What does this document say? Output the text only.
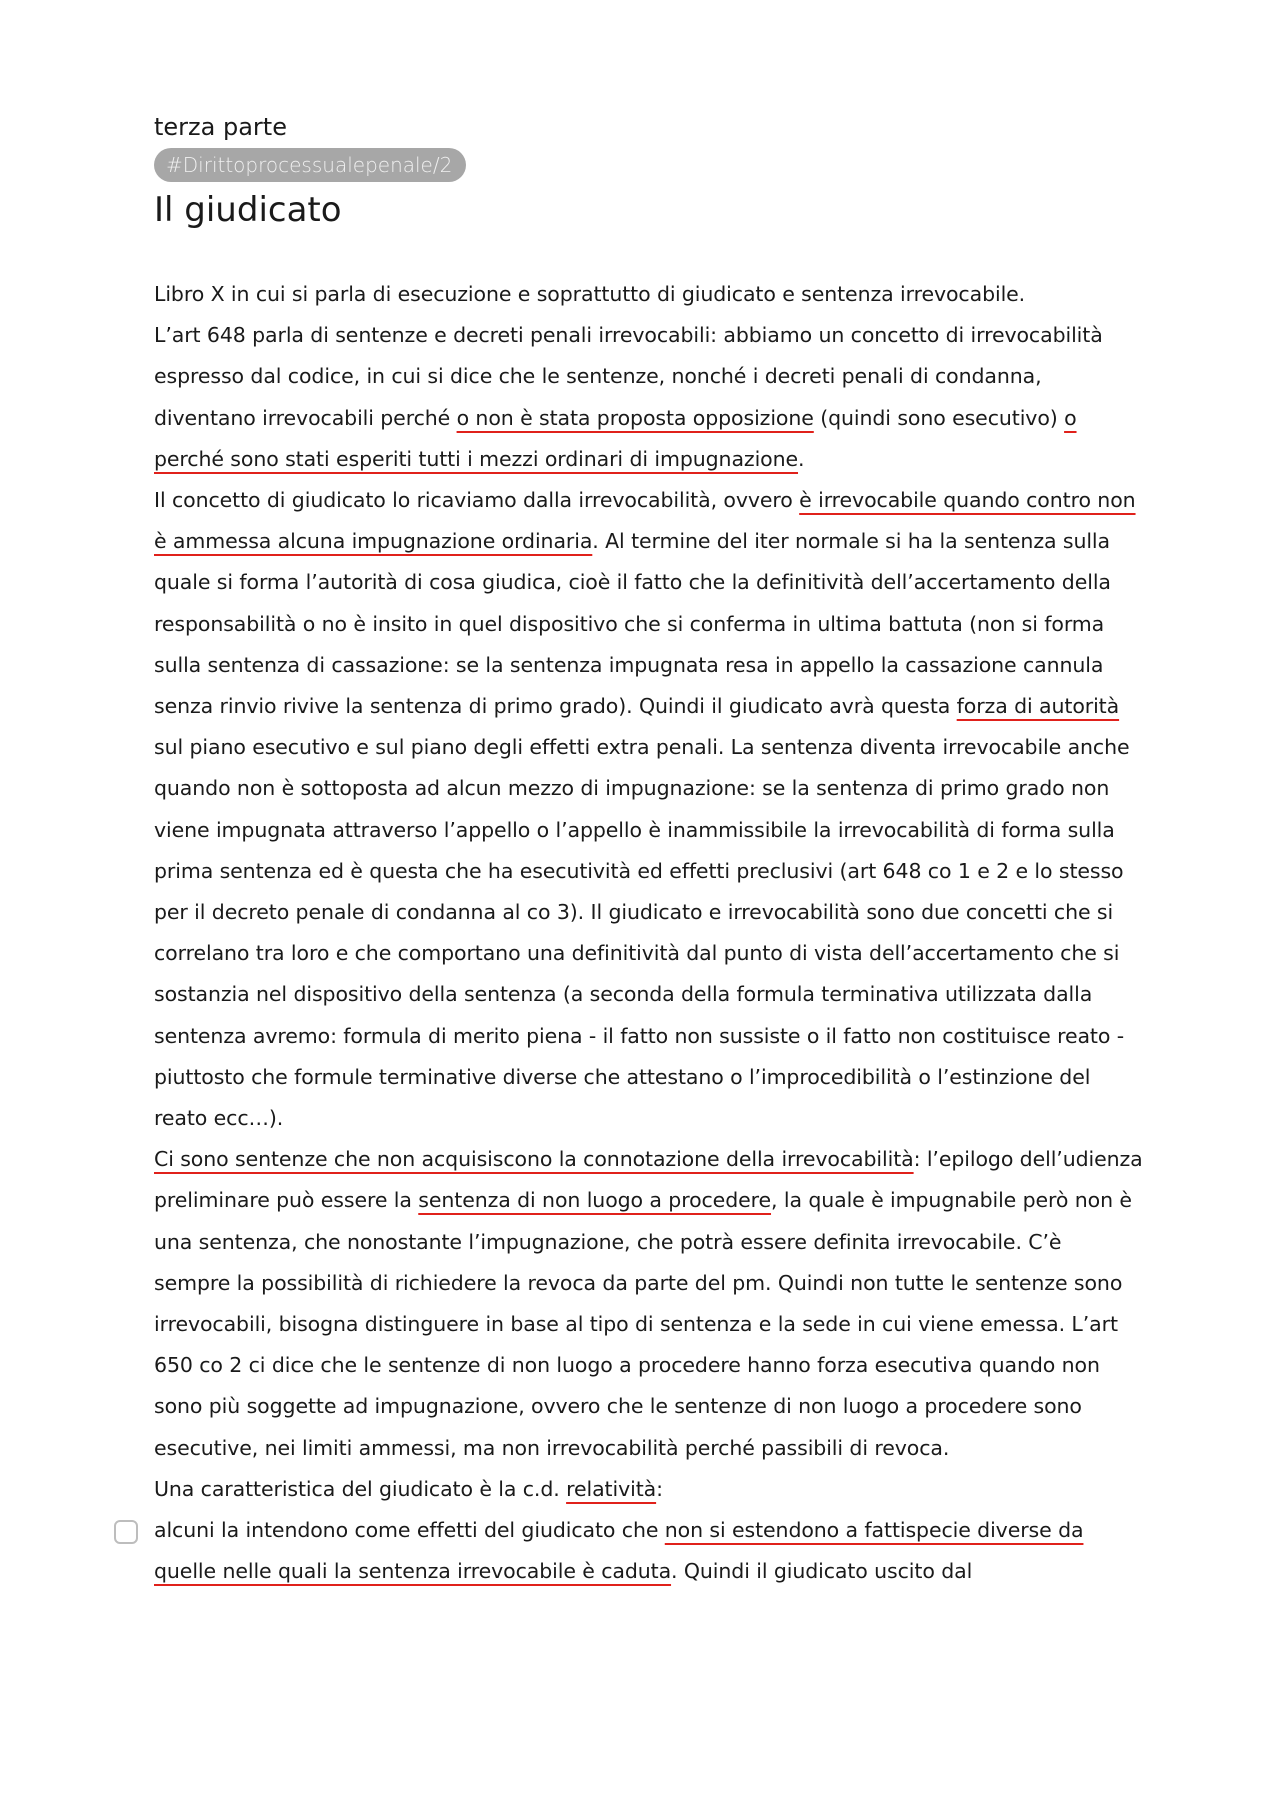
terza parte

#Dirittoprocessualepenale/2
Il giudicato

Libro X in cui si parla di esecuzione e soprattutto di giudicato e sentenza irrevocabile.

L’art 648 parla di sentenze e decreti penali irrevocabili: abbiamo un concetto di irrevocabilità espresso dal codice, in cui si dice che le sentenze, nonché i decreti penali di condanna, diventano irrevocabili perché o non è stata proposta opposizione (quindi sono esecutivo) o perché sono stati esperiti tutti i mezzi ordinari di impugnazione.

Il concetto di giudicato lo ricaviamo dalla irrevocabilità, ovvero è irrevocabile quando contro non è ammessa alcuna impugnazione ordinaria. Al termine del iter normale si ha la sentenza sulla quale si forma l’autorità di cosa giudica, cioè il fatto che la definitività dell’accertamento della responsabilità o no è insito in quel dispositivo che si conferma in ultima battuta (non si forma sulla sentenza di cassazione: se la sentenza impugnata resa in appello la cassazione cannula senza rinvio rivive la sentenza di primo grado). Quindi il giudicato avrà questa forza di autorità sul piano esecutivo e sul piano degli effetti extra penali. La sentenza diventa irrevocabile anche quando non è sottoposta ad alcun mezzo di impugnazione: se la sentenza di primo grado non viene impugnata attraverso l’appello o l’appello è inammissibile la irrevocabilità di forma sulla prima sentenza ed è questa che ha esecutività ed effetti preclusivi (art 648 co 1 e 2 e lo stesso per il decreto penale di condanna al co 3). Il giudicato e irrevocabilità sono due concetti che si correlano tra loro e che comportano una definitività dal punto di vista dell’accertamento che si sostanzia nel dispositivo della sentenza (a seconda della formula terminativa utilizzata dalla sentenza avremo: formula di merito piena - il fatto non sussiste o il fatto non costituisce reato - piuttosto che formule terminative diverse che attestano o l’improcedibilità o l’estinzione del reato ecc…).

Ci sono sentenze che non acquisiscono la connotazione della irrevocabilità: l’epilogo dell’udienza preliminare può essere la sentenza di non luogo a procedere, la quale è impugnabile però non è una sentenza, che nonostante l’impugnazione, che potrà essere definita irrevocabile. C’è sempre la possibilità di richiedere la revoca da parte del pm. Quindi non tutte le sentenze sono irrevocabili, bisogna distinguere in base al tipo di sentenza e la sede in cui viene emessa. L’art 650 co 2 ci dice che le sentenze di non luogo a procedere hanno forza esecutiva quando non sono più soggette ad impugnazione, ovvero che le sentenze di non luogo a procedere sono esecutive, nei limiti ammessi, ma non irrevocabilità perché passibili di revoca.

Una caratteristica del giudicato è la c.d. relatività:

alcuni la intendono come effetti del giudicato che non si estendono a fattispecie diverse da quelle nelle quali la sentenza irrevocabile è caduta. Quindi il giudicato uscito dal
